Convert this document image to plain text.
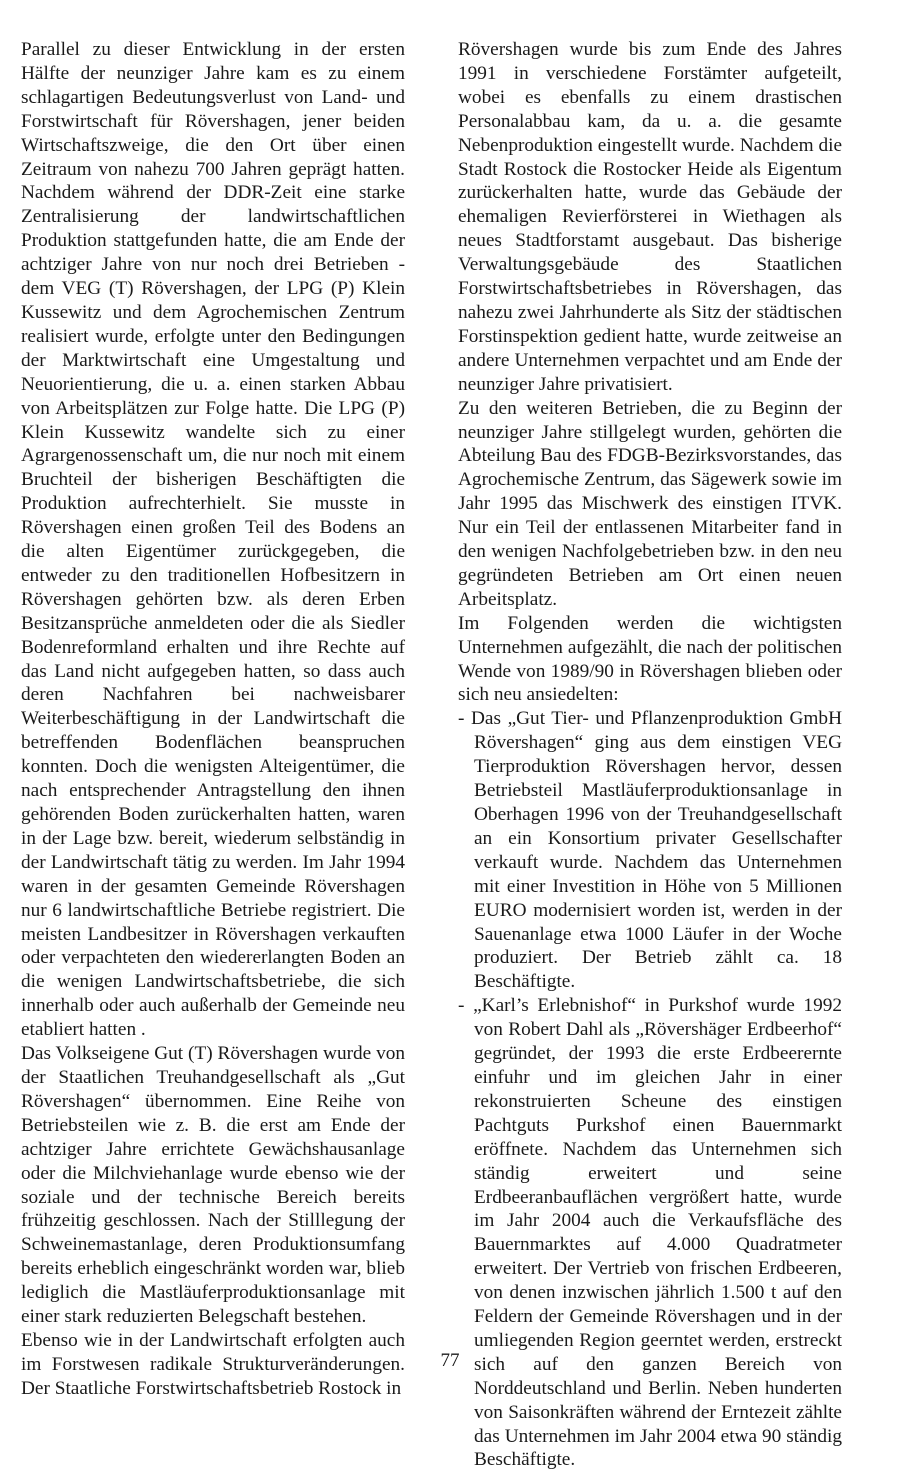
Parallel zu dieser Entwicklung in der ersten Hälfte der neunziger Jahre kam es zu einem schlagartigen Bedeutungsverlust von Land- und Forstwirtschaft für Rövershagen, jener beiden Wirtschaftszweige, die den Ort über einen Zeitraum von nahezu 700 Jahren geprägt hatten. Nachdem während der DDR-Zeit eine starke Zentralisierung der landwirtschaftlichen Produktion stattgefunden hatte, die am Ende der achtziger Jahre von nur noch drei Betrieben - dem VEG (T) Rövershagen, der LPG (P) Klein Kussewitz und dem Agrochemischen Zentrum realisiert wurde, erfolgte unter den Bedingungen der Marktwirtschaft eine Umgestaltung und Neuorientierung, die u. a. einen starken Abbau von Arbeitsplätzen zur Folge hatte. Die LPG (P) Klein Kussewitz wandelte sich zu einer Agrargenossenschaft um, die nur noch mit einem Bruchteil der bisherigen Beschäftigten die Produktion aufrechterhielt. Sie musste in Rövershagen einen großen Teil des Bodens an die alten Eigentümer zurückgegeben, die entweder zu den traditionellen Hofbesitzern in Rövershagen gehörten bzw. als deren Erben Besitzansprüche anmeldeten oder die als Siedler Bodenreformland erhalten und ihre Rechte auf das Land nicht aufgegeben hatten, so dass auch deren Nachfahren bei nachweisbarer Weiterbeschäftigung in der Landwirtschaft die betreffenden Bodenflächen beanspruchen konnten. Doch die wenigsten Alteigentümer, die nach entsprechender Antragstellung den ihnen gehörenden Boden zurückerhalten hatten, waren in der Lage bzw. bereit, wiederum selbständig in der Landwirtschaft tätig zu werden. Im Jahr 1994 waren in der gesamten Gemeinde Rövershagen nur 6 landwirtschaftliche Betriebe registriert. Die meisten Landbesitzer in Rövershagen verkauften oder verpachteten den wiedererlangten Boden an die wenigen Landwirtschaftsbetriebe, die sich innerhalb oder auch außerhalb der Gemeinde neu etabliert hatten .

Das Volkseigene Gut (T) Rövershagen wurde von der Staatlichen Treuhandgesellschaft als „Gut Rövershagen“ übernommen. Eine Reihe von Betriebsteilen wie z. B. die erst am Ende der achtziger Jahre errichtete Gewächshausanlage oder die Milchviehanlage wurde ebenso wie der soziale und der technische Bereich bereits frühzeitig geschlossen. Nach der Stilllegung der Schweinemastanlage, deren Produktionsumfang bereits erheblich eingeschränkt worden war, blieb lediglich die Mastläuferproduktionsanlage mit einer stark reduzierten Belegschaft bestehen.

Ebenso wie in der Landwirtschaft erfolgten auch im Forstwesen radikale Strukturveränderungen. Der Staatliche Forstwirtschaftsbetrieb Rostock in

Rövershagen wurde bis zum Ende des Jahres 1991 in verschiedene Forstämter aufgeteilt, wobei es ebenfalls zu einem drastischen Personalabbau kam, da u. a. die gesamte Nebenproduktion eingestellt wurde. Nachdem die Stadt Rostock die Rostocker Heide als Eigentum zurückerhalten hatte, wurde das Gebäude der ehemaligen Revierförsterei in Wiethagen als neues Stadtforstamt ausgebaut. Das bisherige Verwaltungsgebäude des Staatlichen Forstwirtschaftsbetriebes in Rövershagen, das nahezu zwei Jahrhunderte als Sitz der städtischen Forstinspektion gedient hatte, wurde zeitweise an andere Unternehmen verpachtet und am Ende der neunziger Jahre privatisiert.

Zu den weiteren Betrieben, die zu Beginn der neunziger Jahre stillgelegt wurden, gehörten die Abteilung Bau des FDGB-Bezirksvorstandes, das Agrochemische Zentrum, das Sägewerk sowie im Jahr 1995 das Mischwerk des einstigen ITVK. Nur ein Teil der entlassenen Mitarbeiter fand in den wenigen Nachfolgebetrieben bzw. in den neu gegründeten Betrieben am Ort einen neuen Arbeitsplatz.

Im Folgenden werden die wichtigsten Unternehmen aufgezählt, die nach der politischen Wende von 1989/90 in Rövershagen blieben oder sich neu ansiedelten:

- Das „Gut Tier- und Pflanzenproduktion GmbH Rövershagen“ ging aus dem einstigen VEG Tierproduktion Rövershagen hervor, dessen Betriebsteil Mastläuferproduktionsanlage in Oberhagen 1996 von der Treuhandgesellschaft an ein Konsortium privater Gesellschafter verkauft wurde. Nachdem das Unternehmen mit einer Investition in Höhe von 5 Millionen EURO modernisiert worden ist, werden in der Sauenanlage etwa 1000 Läufer in der Woche produziert. Der Betrieb zählt ca. 18 Beschäftigte.
- „Karl’s Erlebnishof“ in Purkshof wurde 1992 von Robert Dahl als „Rövershäger Erdbeerhof“ gegründet, der 1993 die erste Erdbeerernte einfuhr und im gleichen Jahr in einer rekonstruierten Scheune des einstigen Pachtguts Purkshof einen Bauernmarkt eröffnete. Nachdem das Unternehmen sich ständig erweitert und seine Erdbeeranbauflächen vergrößert hatte, wurde im Jahr 2004 auch die Verkaufsfläche des Bauernmarktes auf 4.000 Quadratmeter erweitert. Der Vertrieb von frischen Erdbeeren, von denen inzwischen jährlich 1.500 t auf den Feldern der Gemeinde Rövershagen und in der umliegenden Region geerntet werden, erstreckt sich auf den ganzen Bereich von Norddeutschland und Berlin. Neben hunderten von Saisonkräften während der Erntezeit zählte das Unternehmen im Jahr 2004 etwa 90 ständig Beschäftigte.
77
